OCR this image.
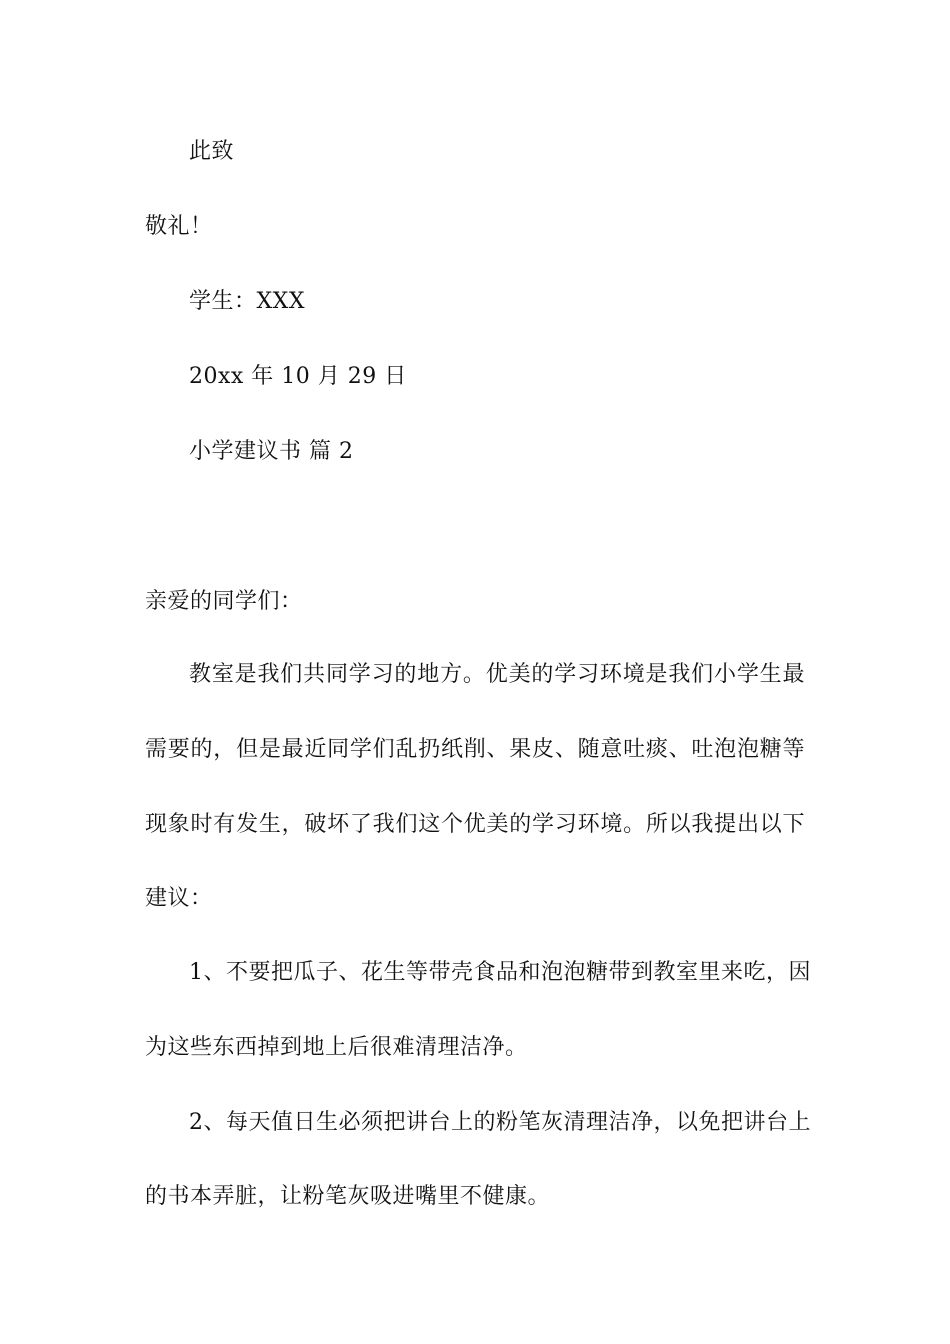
此致
敬礼！
学生：XXX
20xx 年 10 月 29 日
小学建议书 篇 2
亲爱的同学们：
教室是我们共同学习的地方。优美的学习环境是我们小学生最
需要的，但是最近同学们乱扔纸削、果皮、随意吐痰、吐泡泡糖等
现象时有发生，破坏了我们这个优美的学习环境。所以我提出以下
建议：
1、不要把瓜子、花生等带壳食品和泡泡糖带到教室里来吃，因
为这些东西掉到地上后很难清理洁净。
2、每天值日生必须把讲台上的粉笔灰清理洁净，以免把讲台上
的书本弄脏，让粉笔灰吸进嘴里不健康。
